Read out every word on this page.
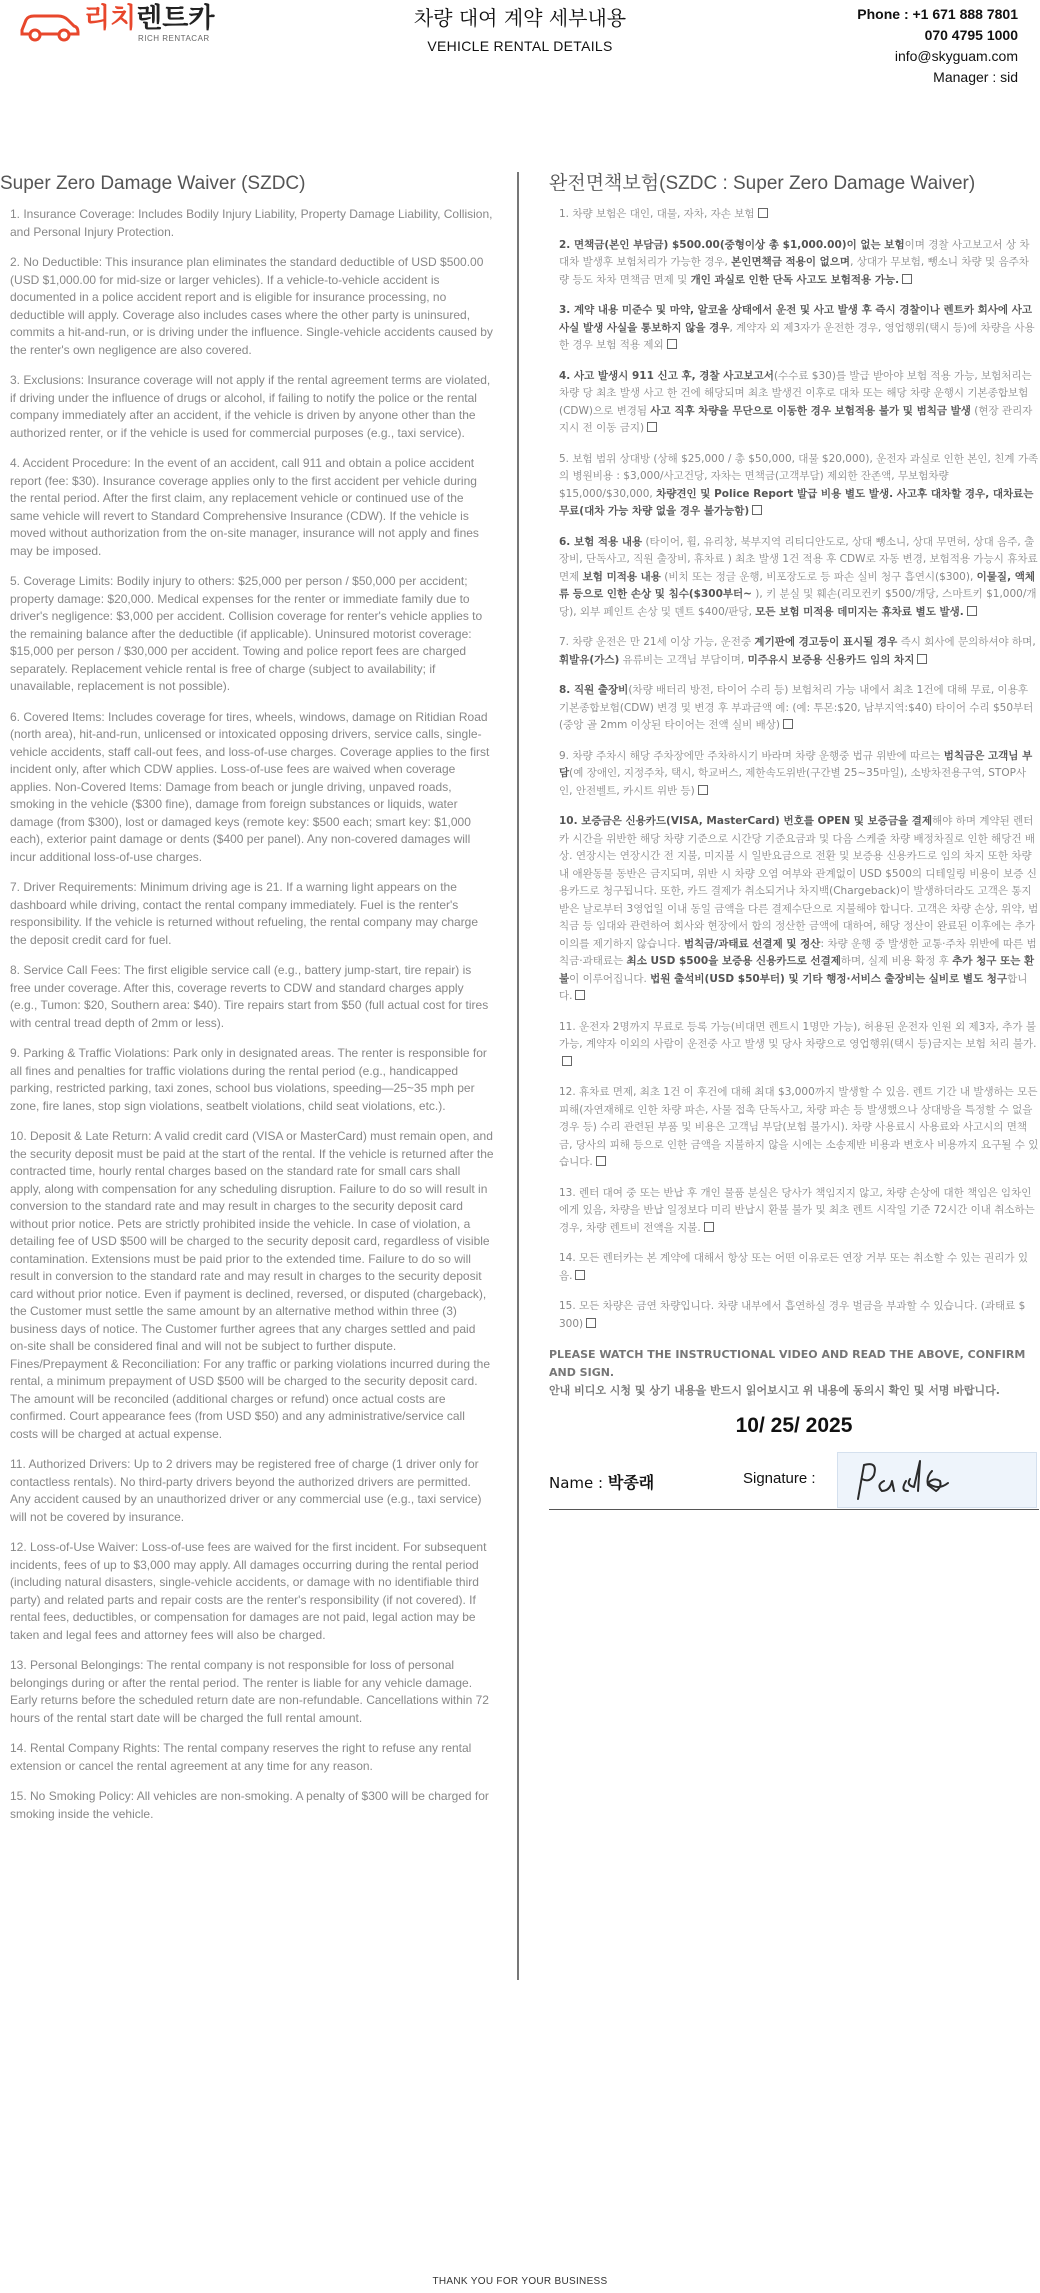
리치렌트카
RICH RENTACAR
차량 대여 계약 세부내용
VEHICLE RENTAL DETAILS
Phone : +1 671 888 7801
070 4795 1000
info@skyguam.com
Manager : sid
Super Zero Damage Waiver (SZDC)

1. Insurance Coverage: Includes Bodily Injury Liability, Property Damage Liability, Collision, and Personal Injury Protection.

2. No Deductible: This insurance plan eliminates the standard deductible of USD $500.00 (USD $1,000.00 for mid-size or larger vehicles). If a vehicle-to-vehicle accident is documented in a police accident report and is eligible for insurance processing, no deductible will apply. Coverage also includes cases where the other party is uninsured, commits a hit-and-run, or is driving under the influence. Single-vehicle accidents caused by the renter's own negligence are also covered.

3. Exclusions: Insurance coverage will not apply if the rental agreement terms are violated, if driving under the influence of drugs or alcohol, if failing to notify the police or the rental company immediately after an accident, if the vehicle is driven by anyone other than the authorized renter, or if the vehicle is used for commercial purposes (e.g., taxi service).

4. Accident Procedure: In the event of an accident, call 911 and obtain a police accident report (fee: $30). Insurance coverage applies only to the first accident per vehicle during the rental period. After the first claim, any replacement vehicle or continued use of the same vehicle will revert to Standard Comprehensive Insurance (CDW). If the vehicle is moved without authorization from the on-site manager, insurance will not apply and fines may be imposed.

5. Coverage Limits: Bodily injury to others: $25,000 per person / $50,000 per accident; property damage: $20,000. Medical expenses for the renter or immediate family due to driver's negligence: $3,000 per accident. Collision coverage for renter's vehicle applies to the remaining balance after the deductible (if applicable). Uninsured motorist coverage: $15,000 per person / $30,000 per accident. Towing and police report fees are charged separately. Replacement vehicle rental is free of charge (subject to availability; if unavailable, replacement is not possible).

6. Covered Items: Includes coverage for tires, wheels, windows, damage on Ritidian Road (north area), hit-and-run, unlicensed or intoxicated opposing drivers, service calls, single-vehicle accidents, staff call-out fees, and loss-of-use charges. Coverage applies to the first incident only, after which CDW applies. Loss-of-use fees are waived when coverage applies. Non-Covered Items: Damage from beach or jungle driving, unpaved roads, smoking in the vehicle ($300 fine), damage from foreign substances or liquids, water damage (from $300), lost or damaged keys (remote key: $500 each; smart key: $1,000 each), exterior paint damage or dents ($400 per panel). Any non-covered damages will incur additional loss-of-use charges.

7. Driver Requirements: Minimum driving age is 21. If a warning light appears on the dashboard while driving, contact the rental company immediately. Fuel is the renter's responsibility. If the vehicle is returned without refueling, the rental company may charge the deposit credit card for fuel.

8. Service Call Fees: The first eligible service call (e.g., battery jump-start, tire repair) is free under coverage. After this, coverage reverts to CDW and standard charges apply (e.g., Tumon: $20, Southern area: $40). Tire repairs start from $50 (full actual cost for tires with central tread depth of 2mm or less).

9. Parking & Traffic Violations: Park only in designated areas. The renter is responsible for all fines and penalties for traffic violations during the rental period (e.g., handicapped parking, restricted parking, taxi zones, school bus violations, speeding—25~35 mph per zone, fire lanes, stop sign violations, seatbelt violations, child seat violations, etc.).

10. Deposit & Late Return: A valid credit card (VISA or MasterCard) must remain open, and the security deposit must be paid at the start of the rental. If the vehicle is returned after the contracted time, hourly rental charges based on the standard rate for small cars shall apply, along with compensation for any scheduling disruption. Failure to do so will result in conversion to the standard rate and may result in charges to the security deposit card without prior notice. Pets are strictly prohibited inside the vehicle. In case of violation, a detailing fee of USD $500 will be charged to the security deposit card, regardless of visible contamination. Extensions must be paid prior to the extended time. Failure to do so will result in conversion to the standard rate and may result in charges to the security deposit card without prior notice. Even if payment is declined, reversed, or disputed (chargeback), the Customer must settle the same amount by an alternative method within three (3) business days of notice. The Customer further agrees that any charges settled and paid on-site shall be considered final and will not be subject to further dispute. Fines/Prepayment & Reconciliation: For any traffic or parking violations incurred during the rental, a minimum prepayment of USD $500 will be charged to the security deposit card. The amount will be reconciled (additional charges or refund) once actual costs are confirmed. Court appearance fees (from USD $50) and any administrative/service call costs will be charged at actual expense.

11. Authorized Drivers: Up to 2 drivers may be registered free of charge (1 driver only for contactless rentals). No third-party drivers beyond the authorized drivers are permitted. Any accident caused by an unauthorized driver or any commercial use (e.g., taxi service) will not be covered by insurance.

12. Loss-of-Use Waiver: Loss-of-use fees are waived for the first incident. For subsequent incidents, fees of up to $3,000 may apply. All damages occurring during the rental period (including natural disasters, single-vehicle accidents, or damage with no identifiable third party) and related parts and repair costs are the renter's responsibility (if not covered). If rental fees, deductibles, or compensation for damages are not paid, legal action may be taken and legal fees and attorney fees will also be charged.

13. Personal Belongings: The rental company is not responsible for loss of personal belongings during or after the rental period. The renter is liable for any vehicle damage. Early returns before the scheduled return date are non-refundable. Cancellations within 72 hours of the rental start date will be charged the full rental amount.

14. Rental Company Rights: The rental company reserves the right to refuse any rental extension or cancel the rental agreement at any time for any reason.

15. No Smoking Policy: All vehicles are non-smoking. A penalty of $300 will be charged for smoking inside the vehicle.

완전면책보험(SZDC : Super Zero Damage Waiver)

1. 차량 보험은 대인, 대물, 자차, 자손 보험

2. 면책금(본인 부담금) $500.00(중형이상 총 $1,000.00)이 없는 보험이며 경찰 사고보고서 상 차대차 발생후 보험처리가 가능한 경우, 본인면책금 적용이 없으며, 상대가 무보험, 뺑소니 차량 및 음주차량 등도 차차 면책금 면제 및 개인 과실로 인한 단독 사고도 보험적용 가능.

3. 계약 내용 미준수 및 마약, 알코올 상태에서 운전 및 사고 발생 후 즉시 경찰이나 렌트카 회사에 사고 사실 발생 사실을 통보하지 않을 경우, 계약자 외 제3자가 운전한 경우, 영업행위(택시 등)에 차량을 사용한 경우 보험 적용 제외

4. 사고 발생시 911 신고 후, 경찰 사고보고서(수수료 $30)를 발급 받아야 보험 적용 가능, 보험처리는 차량 당 최초 발생 사고 한 건에 해당되며 최초 발생건 이후로 대차 또는 해당 차량 운행시 기본종합보험(CDW)으로 변경됨 사고 직후 차량을 무단으로 이동한 경우 보험적용 불가 및 범칙금 발생 (현장 관리자 지시 전 이동 금지)

5. 보험 범위 상대방 (상해 $25,000 / 총 $50,000, 대물 $20,000), 운전자 과실로 인한 본인, 친계 가족의 병원비용 : $3,000/사고건당, 자차는 면책금(고객부담) 제외한 잔존액, 무보험차량 $15,000/$30,000, 차량견인 및 Police Report 발급 비용 별도 발생. 사고후 대차할 경우, 대차료는 무료(대차 가능 차량 없을 경우 불가능함)

6. 보험 적용 내용 (타이어, 휠, 유리창, 북부지역 리티디안도로, 상대 뺑소니, 상대 무면허, 상대 음주, 출장비, 단독사고, 직원 출장비, 휴차료 ) 최초 발생 1건 적용 후 CDW로 자동 변경, 보험적용 가능시 휴차료 면제 보험 미적용 내용 (비치 또는 정글 운행, 비포장도로 등 파손 실비 청구 흡연시($300), 이물질, 액체류 등으로 인한 손상 및 침수($300부터~ ), 키 분실 및 훼손(리모컨키 $500/개당, 스마트키 $1,000/개당), 외부 페인트 손상 및 덴트 $400/판당, 모든 보험 미적용 데미지는 휴차료 별도 발생.

7. 차량 운전은 만 21세 이상 가능, 운전중 계기판에 경고등이 표시될 경우 즉시 회사에 문의하셔야 하며, 휘발유(가스) 유류비는 고객님 부담이며, 미주유시 보증용 신용카드 임의 차지

8. 직원 출장비(차량 배터리 방전, 타이어 수리 등) 보험처리 가능 내에서 최초 1건에 대해 무료, 이용후 기본종합보험(CDW) 변경 및 변경 후 부과금액 예: (예: 투몬:$20, 남부지역:$40) 타이어 수리 $50부터 (중앙 골 2mm 이상된 타이어는 전액 실비 배상)

9. 차량 주차시 해당 주차장에만 주차하시기 바라며 차량 운행중 법규 위반에 따르는 범칙금은 고객님 부담(예 장애인, 지정주차, 택시, 학교버스, 제한속도위반(구간별 25~35마일), 소방차전용구역, STOP사인, 안전벨트, 카시트 위반 등)

10. 보증금은 신용카드(VISA, MasterCard) 번호를 OPEN 및 보증금을 결제해야 하며 계약된 렌터카 시간을 위반한 해당 차량 기준으로 시간당 기준요금과 및 다음 스케줄 차량 배정차질로 인한 해당건 배상. 연장시는 연장시간 전 지불, 미지불 시 일반요금으로 전환 및 보증용 신용카드로 임의 차지 또한 차량 내 애완동물 동반은 금지되며, 위반 시 차량 오염 여부와 관계없이 USD $500의 디테일링 비용이 보증 신용카드로 청구됩니다. 또한, 카드 결제가 취소되거나 차지백(Chargeback)이 발생하더라도 고객은 통지 받은 날로부터 3영업일 이내 동일 금액을 다른 결제수단으로 지불해야 합니다. 고객은 차량 손상, 위약, 범칙금 등 임대와 관련하여 회사와 현장에서 합의 정산한 금액에 대하여, 해당 정산이 완료된 이후에는 추가 이의를 제기하지 않습니다. 범칙금/과태료 선결제 및 정산: 차량 운행 중 발생한 교통·주차 위반에 따른 범칙금·과태료는 최소 USD $500을 보증용 신용카드로 선결제하며, 실제 비용 확정 후 추가 청구 또는 환불이 이루어집니다. 법원 출석비(USD $50부터) 및 기타 행정·서비스 출장비는 실비로 별도 청구합니다.

11. 운전자 2명까지 무료로 등록 가능(비대면 렌트시 1명만 가능), 허용된 운전자 인원 외 제3자, 추가 불가능, 계약자 이외의 사람이 운전중 사고 발생 및 당사 차량으로 영업행위(택시 등)금지는 보험 처리 불가.

12. 휴차료 면제, 최초 1건 이 후건에 대해 최대 $3,000까지 발생할 수 있음. 렌트 기간 내 발생하는 모든 피해(자연재해로 인한 차량 파손, 사물 접촉 단독사고, 차량 파손 등 발생했으나 상대방을 특정할 수 없을 경우 등) 수리 관련된 부품 및 비용은 고객님 부담(보험 불가시). 차량 사용료시 사용료와 사고시의 면책금, 당사의 피해 등으로 인한 금액을 지불하지 않을 시에는 소송제반 비용과 변호사 비용까지 요구될 수 있습니다.

13. 렌터 대여 중 또는 반납 후 개인 물품 분실은 당사가 책임지지 않고, 차량 손상에 대한 책임은 임차인에게 있음, 차량을 반납 일정보다 미리 반납시 환불 불가 및 최초 렌트 시작일 기준 72시간 이내 취소하는 경우, 차량 렌트비 전액을 지불.

14. 모든 렌터카는 본 계약에 대해서 항상 또는 어떤 이유로든 연장 거부 또는 취소할 수 있는 권리가 있음.

15. 모든 차량은 금연 차량입니다. 차량 내부에서 흡연하실 경우 벌금을 부과할 수 있습니다. (과태료 $ 300)

PLEASE WATCH THE INSTRUCTIONAL VIDEO AND READ THE ABOVE, CONFIRM AND SIGN.
안내 비디오 시청 및 상기 내용을 반드시 읽어보시고 위 내용에 동의시 확인 및 서명 바랍니다.
10/ 25/ 2025
Name : 박종래	Signature :
THANK YOU FOR YOUR BUSINESS
